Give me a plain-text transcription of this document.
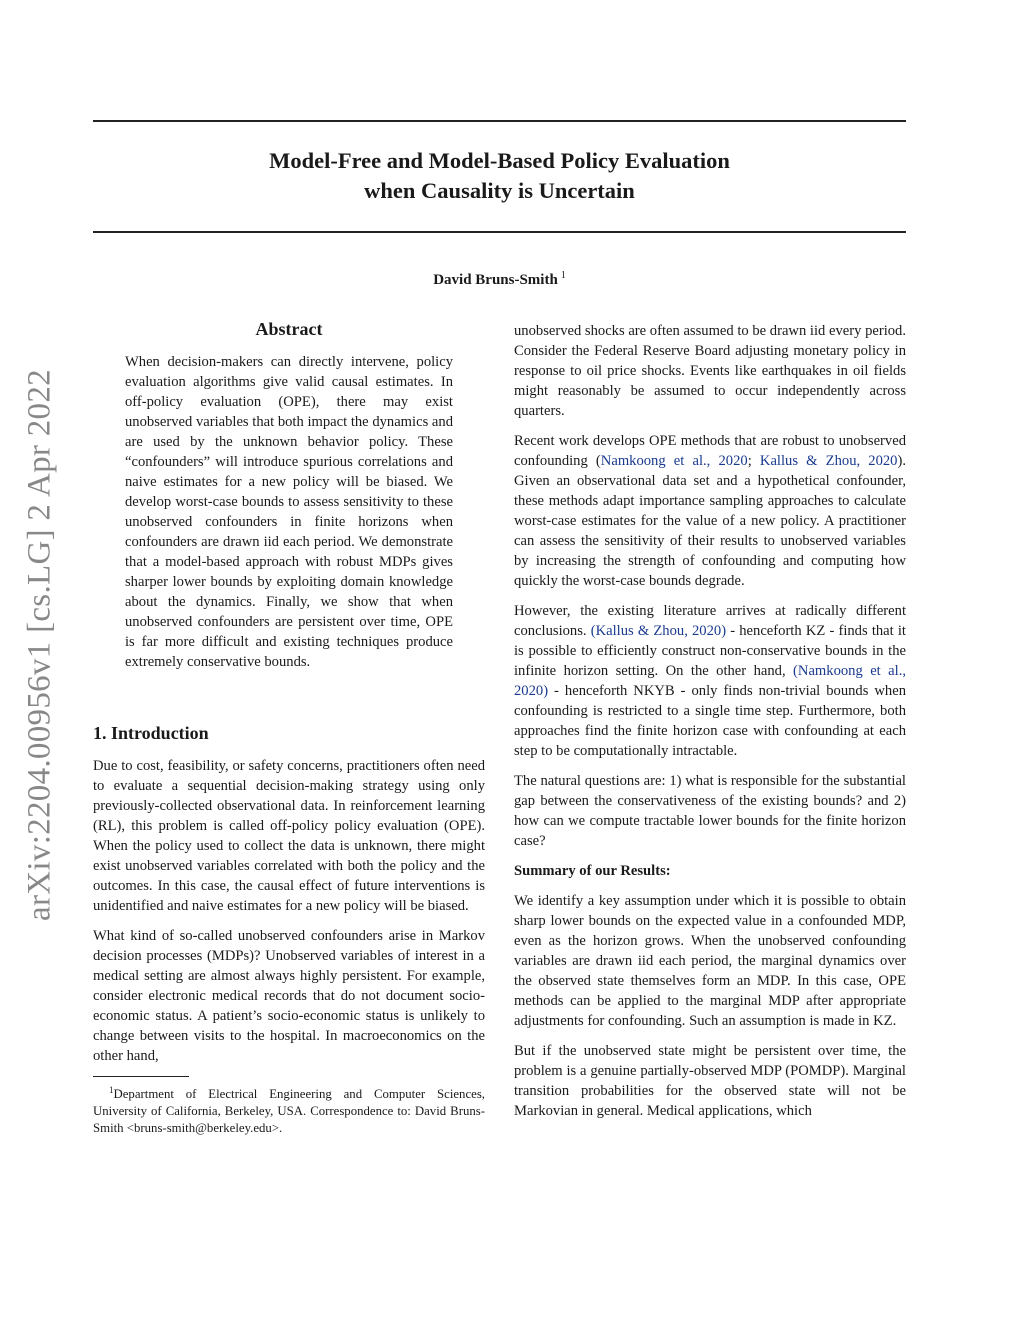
Model-Free and Model-Based Policy Evaluation
when Causality is Uncertain
David Bruns-Smith $^1$
arXiv:2204.00956v1 [cs.LG] 2 Apr 2022
Abstract
When decision-makers can directly intervene, policy evaluation algorithms give valid causal estimates. In off-policy evaluation (OPE), there may exist unobserved variables that both impact the dynamics and are used by the unknown behavior policy. These “confounders” will introduce spurious correlations and naive estimates for a new policy will be biased. We develop worst-case bounds to assess sensitivity to these unobserved confounders in finite horizons when confounders are drawn iid each period. We demonstrate that a model-based approach with robust MDPs gives sharper lower bounds by exploiting domain knowledge about the dynamics. Finally, we show that when unobserved confounders are persistent over time, OPE is far more difficult and existing techniques produce extremely conservative bounds.
1. Introduction

Due to cost, feasibility, or safety concerns, practitioners often need to evaluate a sequential decision-making strategy using only previously-collected observational data. In reinforcement learning (RL), this problem is called off-policy policy evaluation (OPE). When the policy used to collect the data is unknown, there might exist unobserved variables correlated with both the policy and the outcomes. In this case, the causal effect of future interventions is unidentified and naive estimates for a new policy will be biased.

What kind of so-called unobserved confounders arise in Markov decision processes (MDPs)? Unobserved variables of interest in a medical setting are almost always highly persistent. For example, consider electronic medical records that do not document socio-economic status. A patient’s socio-economic status is unlikely to change between visits to the hospital. In macroeconomics on the other hand,

$^1$Department of Electrical Engineering and Computer Sciences, University of California, Berkeley, USA. Correspondence to: David Bruns-Smith <bruns-smith@berkeley.edu>.

unobserved shocks are often assumed to be drawn iid every period. Consider the Federal Reserve Board adjusting monetary policy in response to oil price shocks. Events like earthquakes in oil fields might reasonably be assumed to occur independently across quarters.

Recent work develops OPE methods that are robust to unobserved confounding (Namkoong et al., 2020; Kallus & Zhou, 2020). Given an observational data set and a hypothetical confounder, these methods adapt importance sampling approaches to calculate worst-case estimates for the value of a new policy. A practitioner can assess the sensitivity of their results to unobserved variables by increasing the strength of confounding and computing how quickly the worst-case bounds degrade.

However, the existing literature arrives at radically different conclusions. (Kallus & Zhou, 2020) - henceforth KZ - finds that it is possible to efficiently construct non-conservative bounds in the infinite horizon setting. On the other hand, (Namkoong et al., 2020) - henceforth NKYB - only finds non-trivial bounds when confounding is restricted to a single time step. Furthermore, both approaches find the finite horizon case with confounding at each step to be computationally intractable.

The natural questions are: 1) what is responsible for the substantial gap between the conservativeness of the existing bounds? and 2) how can we compute tractable lower bounds for the finite horizon case?

Summary of our Results:

We identify a key assumption under which it is possible to obtain sharp lower bounds on the expected value in a confounded MDP, even as the horizon grows. When the unobserved confounding variables are drawn iid each period, the marginal dynamics over the observed state themselves form an MDP. In this case, OPE methods can be applied to the marginal MDP after appropriate adjustments for confounding. Such an assumption is made in KZ.

But if the unobserved state might be persistent over time, the problem is a genuine partially-observed MDP (POMDP). Marginal transition probabilities for the observed state will not be Markovian in general. Medical applications, which
